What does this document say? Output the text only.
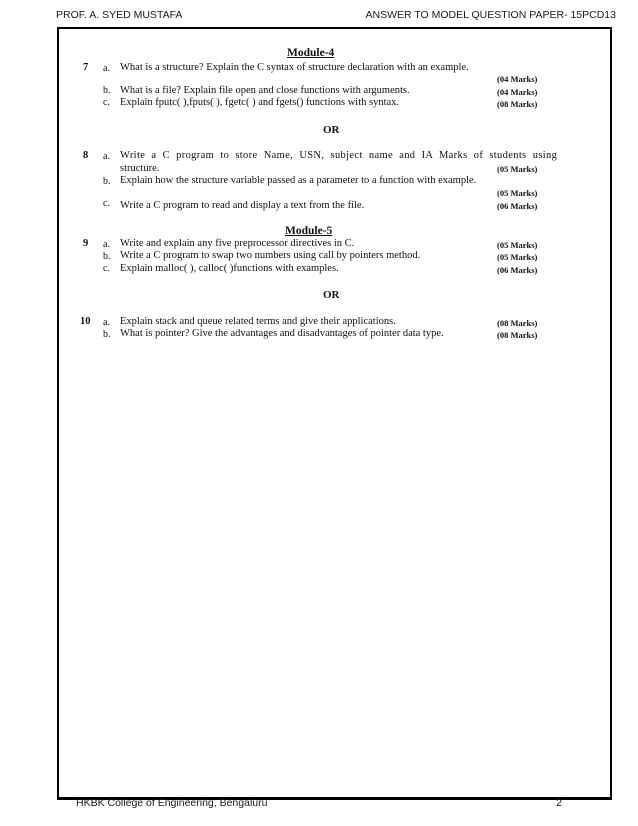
PROF. A. SYED MUSTAFA	ANSWER TO MODEL QUESTION PAPER- 15PCD13
Module-4
7 a. What is a structure? Explain the C syntax of structure declaration with an example.
(04 Marks)
b. What is a file? Explain file open and close functions with arguments.	(04 Marks)
c. Explain fputc( ),fputs( ), fgetc( ) and fgets() functions with syntax.	(08 Marks)
OR
8 a. Write a C program to store Name, USN, subject name and IA Marks of students using
structure.	(05 Marks)
b. Explain how the structure variable passed as a parameter to a function with example.
(05 Marks)
c. Write a C program to read and display a text from the file.	(06 Marks)
Module-5
9 a. Write and explain any five preprocessor directives in C.	(05 Marks)
b. Write a C program to swap two numbers using call by pointers method.	(05 Marks)
c. Explain malloc( ), calloc( )functions with examples.	(06 Marks)
OR
10 a. Explain stack and queue related terms and give their applications.	(08 Marks)
b. What is pointer? Give the advantages and disadvantages of pointer data type.	(08 Marks)
HKBK College of Engineering, Bengaluru	2
